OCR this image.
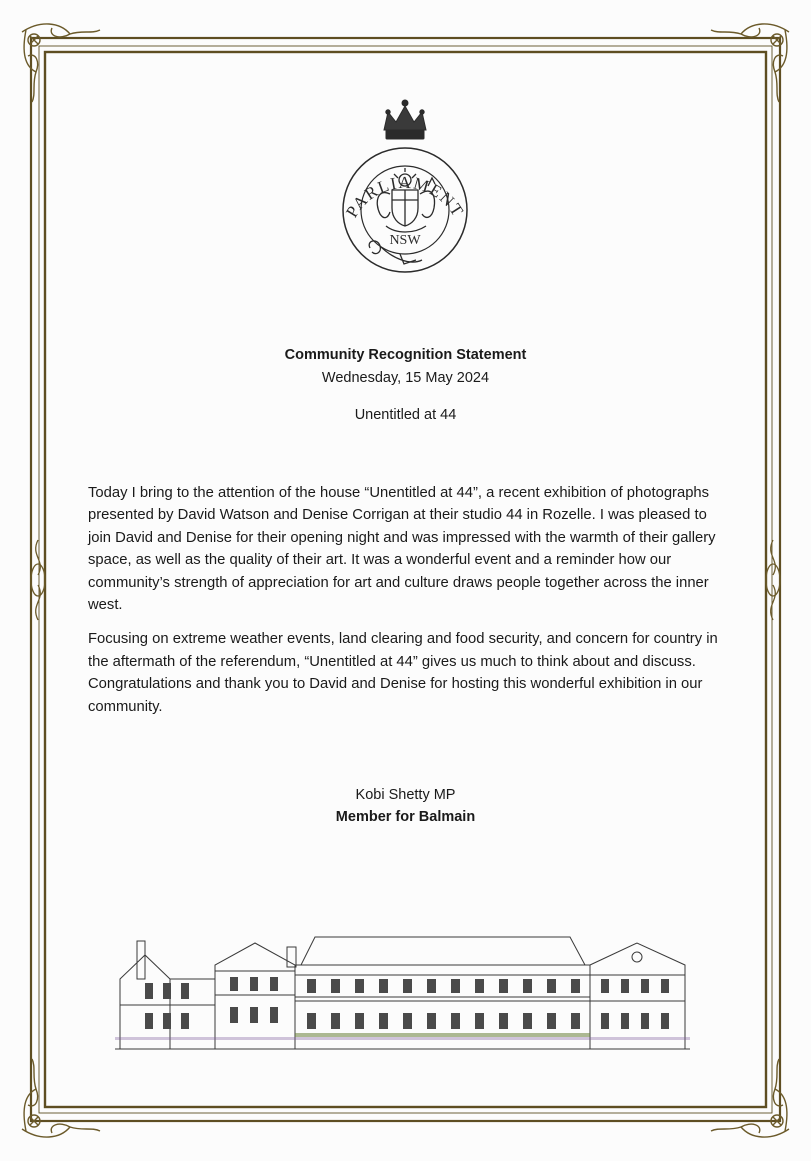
PARLIAMENT
NSW
Community Recognition Statement
Wednesday, 15 May 2024
Unentitled at 44

Today I bring to the attention of the house “Unentitled at 44”, a recent exhibition of photographs presented by David Watson and Denise Corrigan at their studio 44 in Rozelle. I was pleased to join David and Denise for their opening night and was impressed with the warmth of their gallery space, as well as the quality of their art. It was a wonderful event and a reminder how our community’s strength of appreciation for art and culture draws people together across the inner west.

Focusing on extreme weather events, land clearing and food security, and concern for country in the aftermath of the referendum, “Unentitled at 44” gives us much to think about and discuss. Congratulations and thank you to David and Denise for hosting this wonderful exhibition in our community.

Kobi Shetty MP
Member for Balmain
